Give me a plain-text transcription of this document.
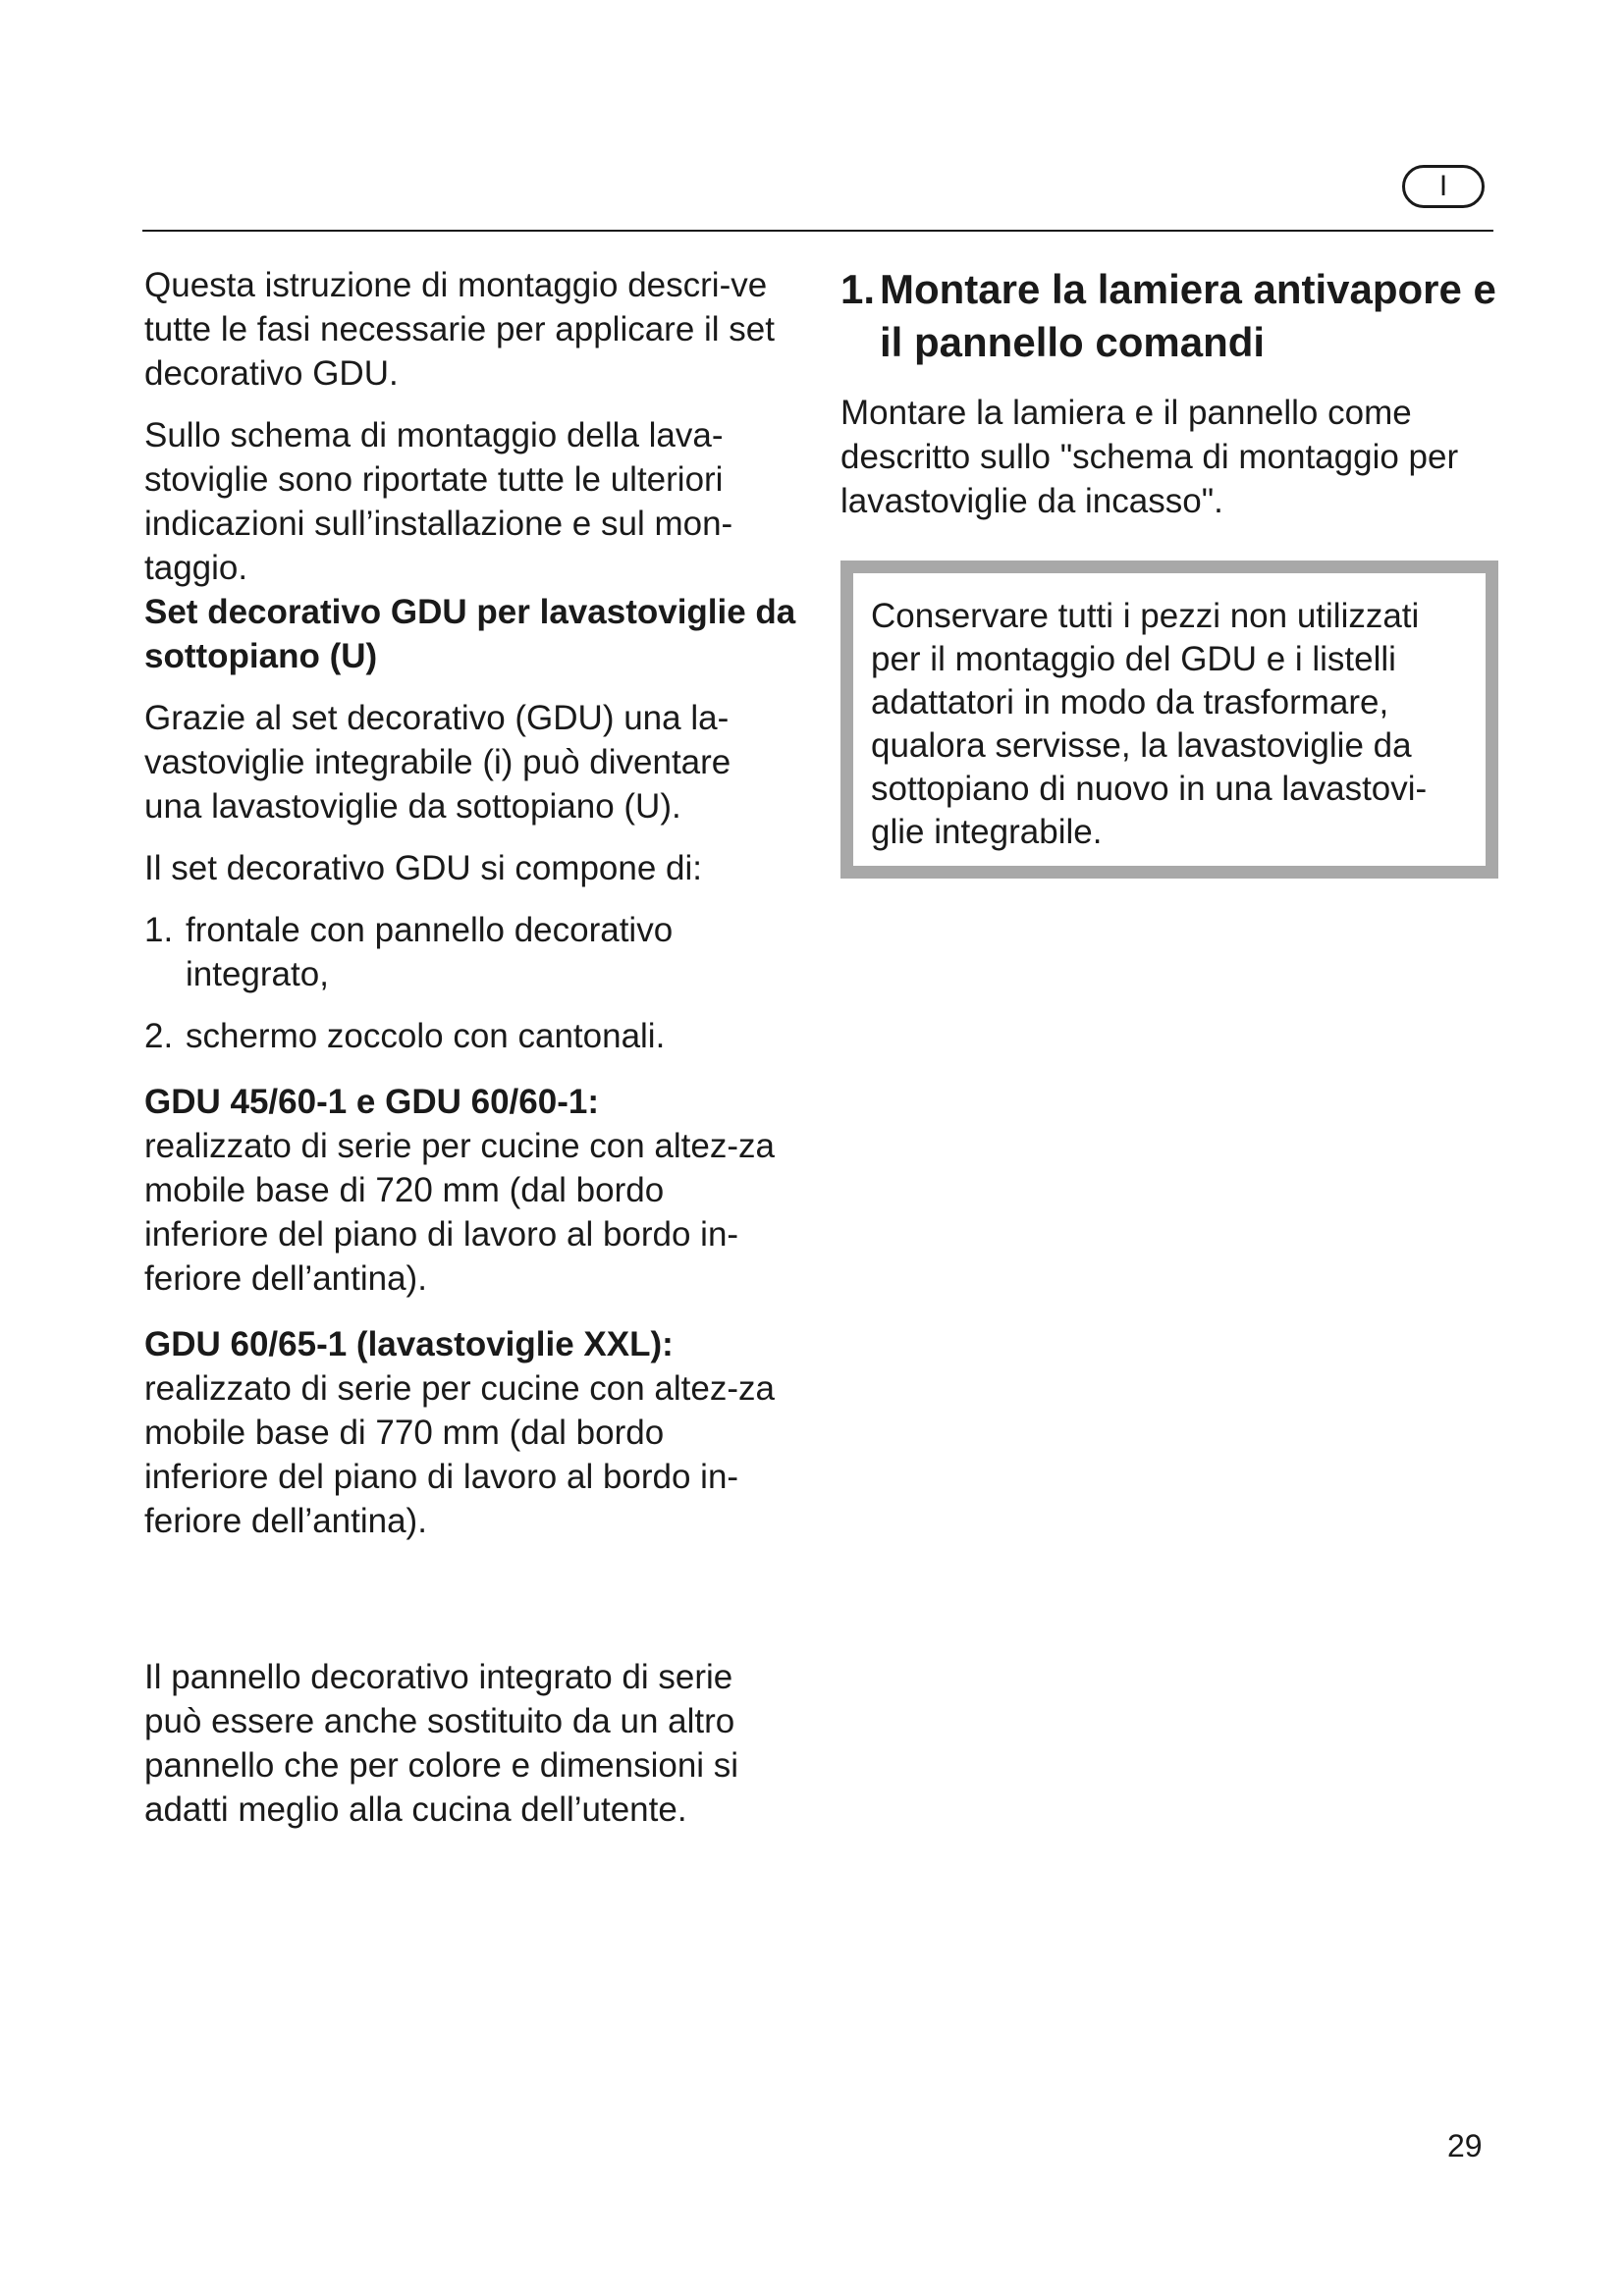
I

Questa istruzione di montaggio descri-ve tutte le fasi necessarie per applicare il set decorativo GDU.

Sullo schema di montaggio della lava-stoviglie sono riportate tutte le ulteriori indicazioni sull’installazione e sul mon-taggio.

Set decorativo GDU per lavastoviglie da sottopiano (U)

Grazie al set decorativo (GDU) una la-vastoviglie integrabile (i) può diventare una lavastoviglie da sottopiano (U).

Il set decorativo GDU si compone di:

1. frontale con pannello decorativo integrato,
2. schermo zoccolo con cantonali.

GDU 45/60-1 e GDU 60/60-1:
realizzato di serie per cucine con altez-za mobile base di 720 mm (dal bordo inferiore del piano di lavoro al bordo in-feriore dell’antina).

GDU 60/65-1 (lavastoviglie XXL):
realizzato di serie per cucine con altez-za mobile base di 770 mm (dal bordo inferiore del piano di lavoro al bordo in-feriore dell’antina).

Il pannello decorativo integrato di serie può essere anche sostituito da un altro pannello che per colore e dimensioni si adatti meglio alla cucina dell’utente.

1. Montare la lamiera antivapore e il pannello comandi

Montare la lamiera e il pannello come descritto sullo "schema di montaggio per lavastoviglie da incasso".

Conservare tutti i pezzi non utilizzati per il montaggio del GDU e i listelli adattatori in modo da trasformare, qualora servisse, la lavastoviglie da sottopiano di nuovo in una lavastovi-glie integrabile.

29
